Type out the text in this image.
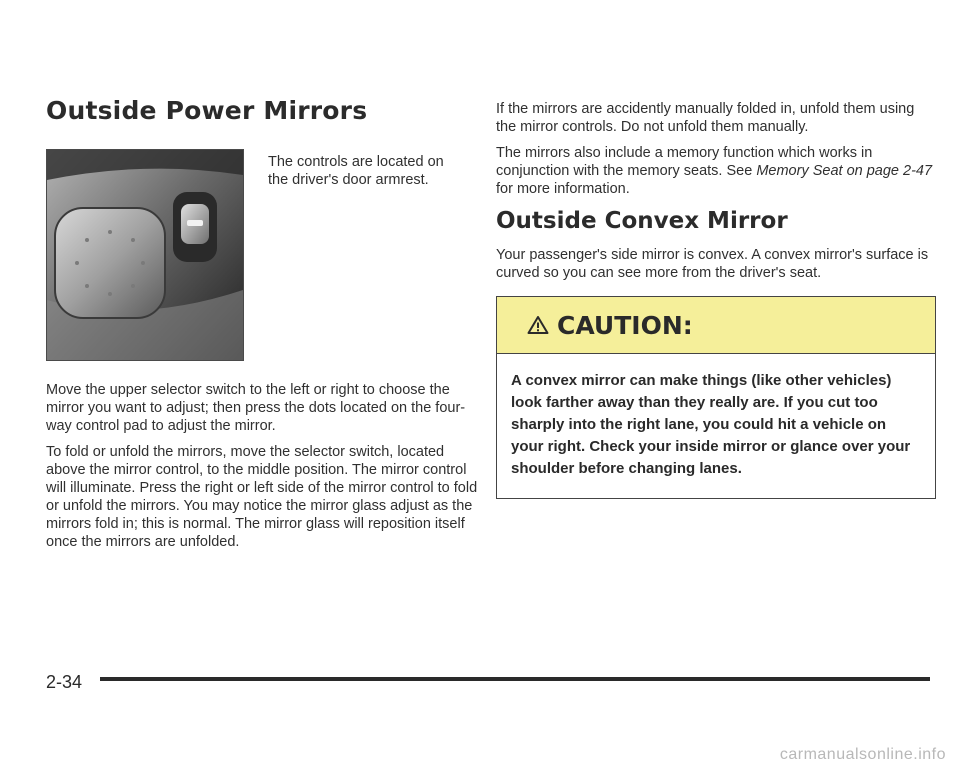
Outside Power Mirrors

The controls are located on the driver's door armrest.

Move the upper selector switch to the left or right to choose the mirror you want to adjust; then press the dots located on the four-way control pad to adjust the mirror.

To fold or unfold the mirrors, move the selector switch, located above the mirror control, to the middle position. The mirror control will illuminate. Press the right or left side of the mirror control to fold or unfold the mirrors. You may notice the mirror glass adjust as the mirrors fold in; this is normal. The mirror glass will reposition itself once the mirrors are unfolded.

If the mirrors are accidently manually folded in, unfold them using the mirror controls. Do not unfold them manually.

The mirrors also include a memory function which works in conjunction with the memory seats. See Memory Seat on page 2-47 for more information.

Outside Convex Mirror

Your passenger's side mirror is convex. A convex mirror's surface is curved so you can see more from the driver's seat.

CAUTION:
A convex mirror can make things (like other vehicles) look farther away than they really are. If you cut too sharply into the right lane, you could hit a vehicle on your right. Check your inside mirror or glance over your shoulder before changing lanes.
2-34
carmanualsonline.info
